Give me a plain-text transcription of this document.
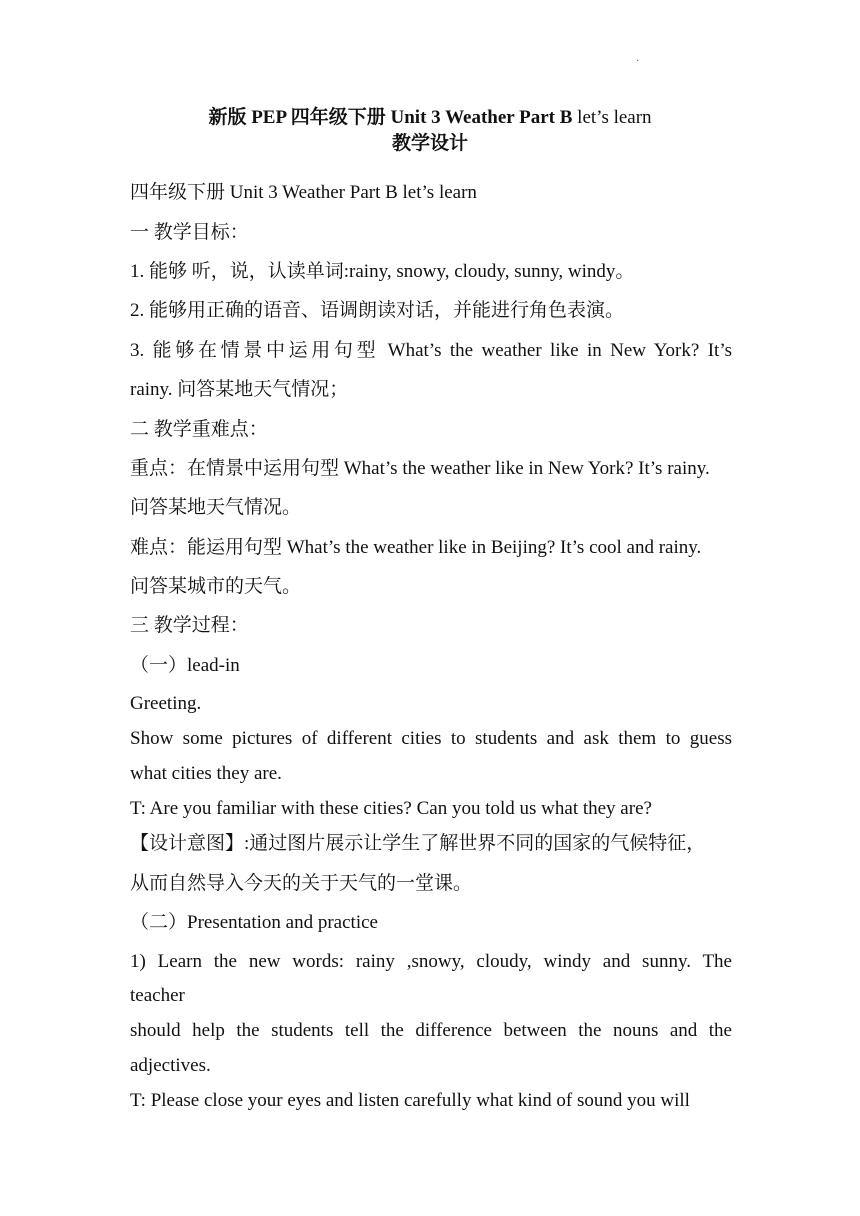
·
新版 PEP 四年级下册 Unit 3 Weather Part B let’s learn
教学设计
四年级下册 Unit 3 Weather Part B let’s learn
一 教学目标：
1. 能够 听，说，认读单词:rainy, snowy, cloudy, sunny, windy。
2. 能够用正确的语音、语调朗读对话，并能进行角色表演。
3. 能够在情景中运用句型 What’s the weather like in New York? It’s
rainy. 问答某地天气情况；
二 教学重难点：
重点：在情景中运用句型 What’s the weather like in New York? It’s rainy.
问答某地天气情况。
难点：能运用句型 What’s the weather like in Beijing? It’s cool and rainy.
问答某城市的天气。
三 教学过程：
（一）lead-in
Greeting.
Show some pictures of different cities to students and ask them to guess
what cities they are.
T: Are you familiar with these cities? Can you told us what they are?
【设计意图】:通过图片展示让学生了解世界不同的国家的气候特征，
从而自然导入今天的关于天气的一堂课。
（二）Presentation and practice
1) Learn the new words: rainy ,snowy, cloudy, windy and sunny. The
teacher
should help the students tell the difference between the nouns and the
adjectives.
T: Please close your eyes and listen carefully what kind of sound you will
